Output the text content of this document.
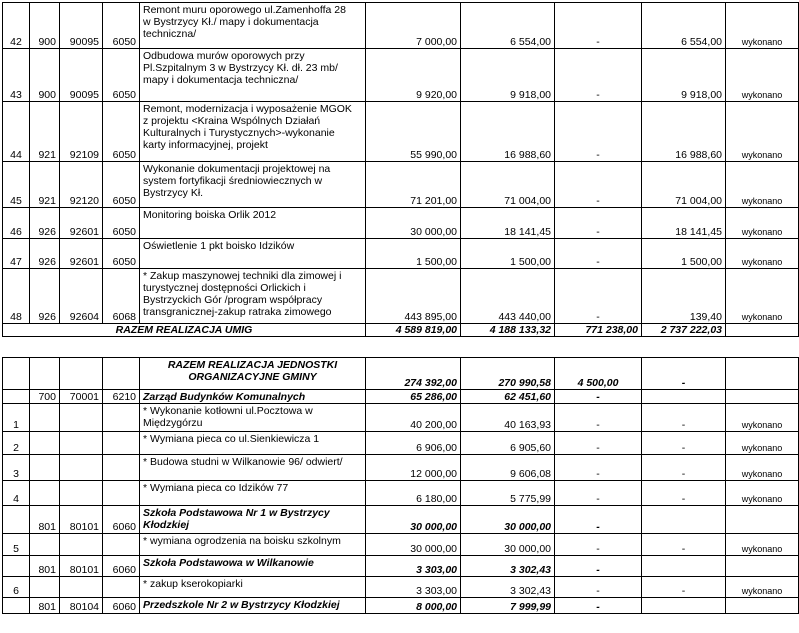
42	900	90095	6050	Remont muru oporowego ul.Zamenhoffa 28
w Bystrzycy Kł./ mapy i dokumentacja
techniczna/	7 000,00	6 554,00	-	6 554,00	wykonano
43	900	90095	6050	Odbudowa murów oporowych przy
Pl.Szpitalnym 3 w Bystrzycy Kł. dł. 23 mb/
mapy i dokumentacja techniczna/	9 920,00	9 918,00	-	9 918,00	wykonano
44	921	92109	6050	Remont, modernizacja i wyposażenie MGOK
z projektu <Kraina Wspólnych Działań
Kulturalnych i Turystycznych>-wykonanie
karty informacyjnej, projekt	55 990,00	16 988,60	-	16 988,60	wykonano
45	921	92120	6050	Wykonanie dokumentacji projektowej na
system fortyfikacji średniowiecznych w
Bystrzycy Kł.	71 201,00	71 004,00	-	71 004,00	wykonano
46	926	92601	6050	Monitoring boiska Orlik 2012	30 000,00	18 141,45	-	18 141,45	wykonano
47	926	92601	6050	Oświetlenie 1 pkt boisko Idzików	1 500,00	1 500,00	-	1 500,00	wykonano
48	926	92604	6068	* Zakup maszynowej techniki dla zimowej i
turystycznej dostępności Orlickich i
Bystrzyckich Gór /program współpracy
transgranicznej-zakup ratraka zimowego	443 895,00	443 440,00	-	139,40	wykonano
RAZEM REALIZACJA UMIG					4 589 819,00	4 188 133,32	771 238,00	2 737 222,03	
				RAZEM REALIZACJA JEDNOSTKI
ORGANIZACYJNE GMINY	274 392,00	270 990,58	4 500,00	-	
	700	70001	6210	Zarząd Budynków Komunalnych	65 286,00	62 451,60	-		
1				* Wykonanie kotłowni ul.Pocztowa w
Międzygórzu	40 200,00	40 163,93	-	-	wykonano
2				* Wymiana pieca co ul.Sienkiewicza 1	6 906,00	6 905,60	-	-	wykonano
3				* Budowa studni w Wilkanowie 96/ odwiert/	12 000,00	9 606,08	-	-	wykonano
4				* Wymiana pieca co Idzików 77	6 180,00	5 775,99	-	-	wykonano
	801	80101	6060	Szkoła Podstawowa Nr 1 w Bystrzycy
Kłodzkiej	30 000,00	30 000,00	-		
5				* wymiana ogrodzenia na boisku szkolnym	30 000,00	30 000,00	-	-	wykonano
	801	80101	6060	Szkoła Podstawowa w Wilkanowie	3 303,00	3 302,43	-		
6				* zakup kserokopiarki	3 303,00	3 302,43	-	-	wykonano
	801	80104	6060	Przedszkole Nr 2 w Bystrzycy Kłodzkiej	8 000,00	7 999,99	-		
